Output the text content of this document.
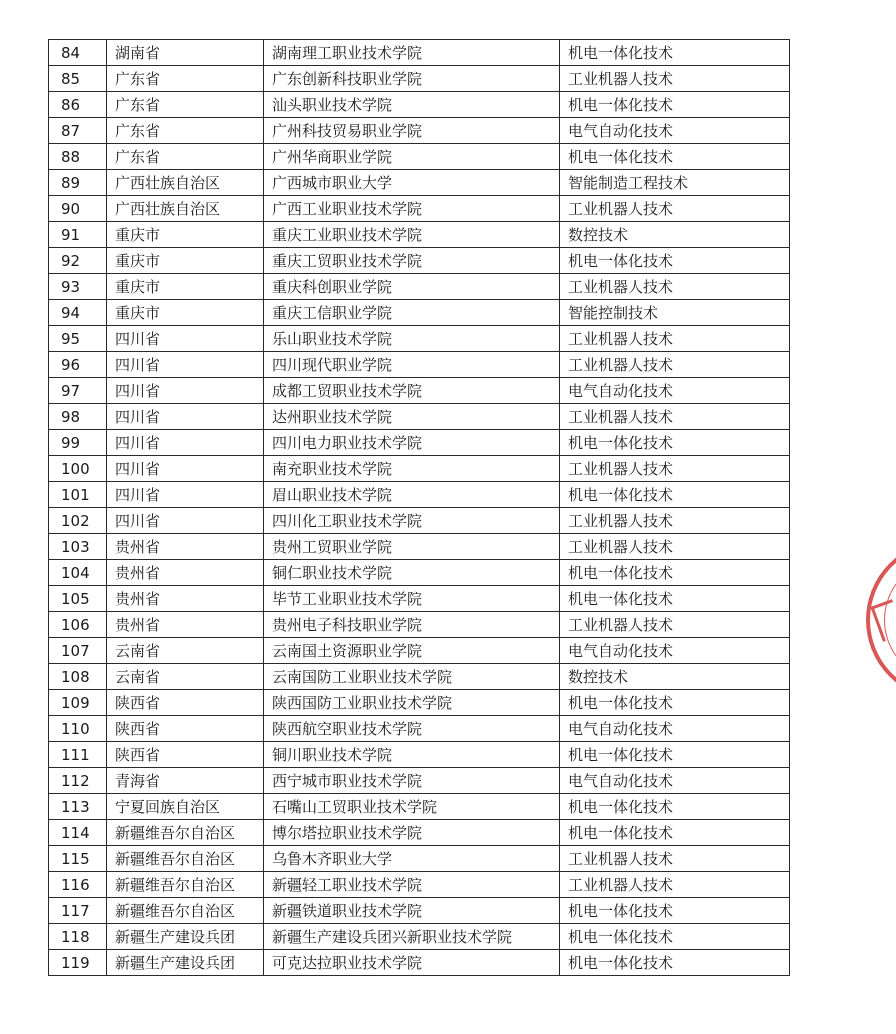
84	湖南省	湖南理工职业技术学院	机电一体化技术
85	广东省	广东创新科技职业学院	工业机器人技术
86	广东省	汕头职业技术学院	机电一体化技术
87	广东省	广州科技贸易职业学院	电气自动化技术
88	广东省	广州华商职业学院	机电一体化技术
89	广西壮族自治区	广西城市职业大学	智能制造工程技术
90	广西壮族自治区	广西工业职业技术学院	工业机器人技术
91	重庆市	重庆工业职业技术学院	数控技术
92	重庆市	重庆工贸职业技术学院	机电一体化技术
93	重庆市	重庆科创职业学院	工业机器人技术
94	重庆市	重庆工信职业学院	智能控制技术
95	四川省	乐山职业技术学院	工业机器人技术
96	四川省	四川现代职业学院	工业机器人技术
97	四川省	成都工贸职业技术学院	电气自动化技术
98	四川省	达州职业技术学院	工业机器人技术
99	四川省	四川电力职业技术学院	机电一体化技术
100	四川省	南充职业技术学院	工业机器人技术
101	四川省	眉山职业技术学院	机电一体化技术
102	四川省	四川化工职业技术学院	工业机器人技术
103	贵州省	贵州工贸职业学院	工业机器人技术
104	贵州省	铜仁职业技术学院	机电一体化技术
105	贵州省	毕节工业职业技术学院	机电一体化技术
106	贵州省	贵州电子科技职业学院	工业机器人技术
107	云南省	云南国土资源职业学院	电气自动化技术
108	云南省	云南国防工业职业技术学院	数控技术
109	陕西省	陕西国防工业职业技术学院	机电一体化技术
110	陕西省	陕西航空职业技术学院	电气自动化技术
111	陕西省	铜川职业技术学院	机电一体化技术
112	青海省	西宁城市职业技术学院	电气自动化技术
113	宁夏回族自治区	石嘴山工贸职业技术学院	机电一体化技术
114	新疆维吾尔自治区	博尔塔拉职业技术学院	机电一体化技术
115	新疆维吾尔自治区	乌鲁木齐职业大学	工业机器人技术
116	新疆维吾尔自治区	新疆轻工职业技术学院	工业机器人技术
117	新疆维吾尔自治区	新疆铁道职业技术学院	机电一体化技术
118	新疆生产建设兵团	新疆生产建设兵团兴新职业技术学院	机电一体化技术
119	新疆生产建设兵团	可克达拉职业技术学院	机电一体化技术
